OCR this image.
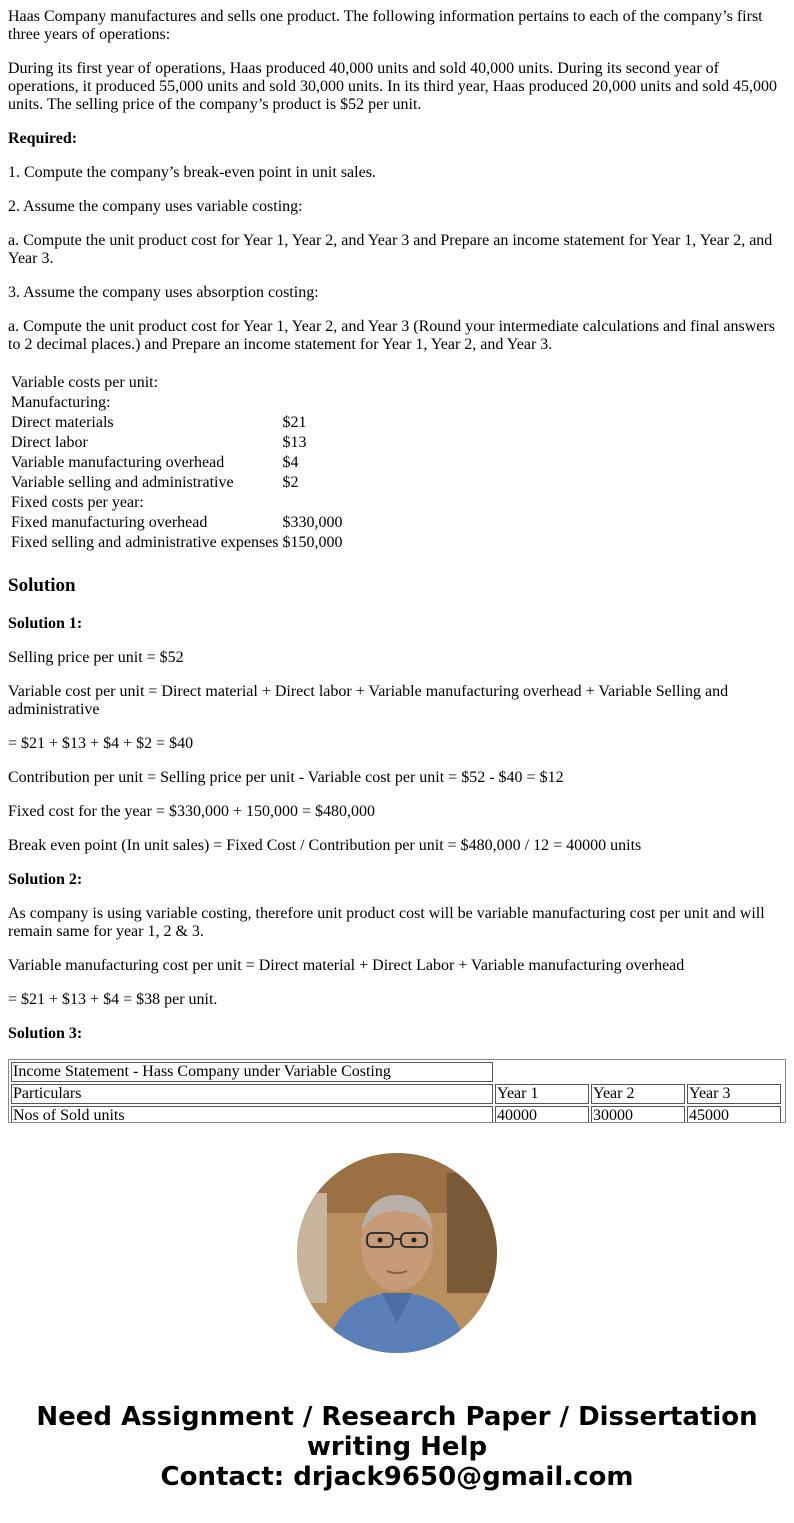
Haas Company manufactures and sells one product. The following information pertains to each of the company’s first three years of operations:

During its first year of operations, Haas produced 40,000 units and sold 40,000 units. During its second year of operations, it produced 55,000 units and sold 30,000 units. In its third year, Haas produced 20,000 units and sold 45,000 units. The selling price of the company’s product is $52 per unit.

Required:

1. Compute the company’s break-even point in unit sales.

2. Assume the company uses variable costing:

a. Compute the unit product cost for Year 1, Year 2, and Year 3 and Prepare an income statement for Year 1, Year 2, and Year 3.

3. Assume the company uses absorption costing:

a. Compute the unit product cost for Year 1, Year 2, and Year 3 (Round your intermediate calculations and final answers to 2 decimal places.) and Prepare an income statement for Year 1, Year 2, and Year 3.

Variable costs per unit:	
Manufacturing:	
Direct materials	$21
Direct labor	$13
Variable manufacturing overhead	$4
Variable selling and administrative	$2
Fixed costs per year:	
Fixed manufacturing overhead	$330,000
Fixed selling and administrative expenses	$150,000
Solution

Solution 1:

Selling price per unit = $52

Variable cost per unit = Direct material + Direct labor + Variable manufacturing overhead + Variable Selling and administrative

= $21 + $13 + $4 + $2 = $40

Contribution per unit = Selling price per unit - Variable cost per unit = $52 - $40 = $12

Fixed cost for the year = $330,000 + 150,000 = $480,000

Break even point (In unit sales) = Fixed Cost / Contribution per unit = $480,000 / 12 = 40000 units

Solution 2:

As company is using variable costing, therefore unit product cost will be variable manufacturing cost per unit and will remain same for year 1, 2 & 3.

Variable manufacturing cost per unit = Direct material + Direct Labor + Variable manufacturing overhead

= $21 + $13 + $4 = $38 per unit.

Solution 3:

Income Statement - Hass Company under Variable Costing			
Particulars	Year 1	Year 2	Year 3
Nos of Sold units	40000	30000	45000
Need Assignment / Research Paper / Dissertation
writing Help
Contact: drjack9650@gmail.com
